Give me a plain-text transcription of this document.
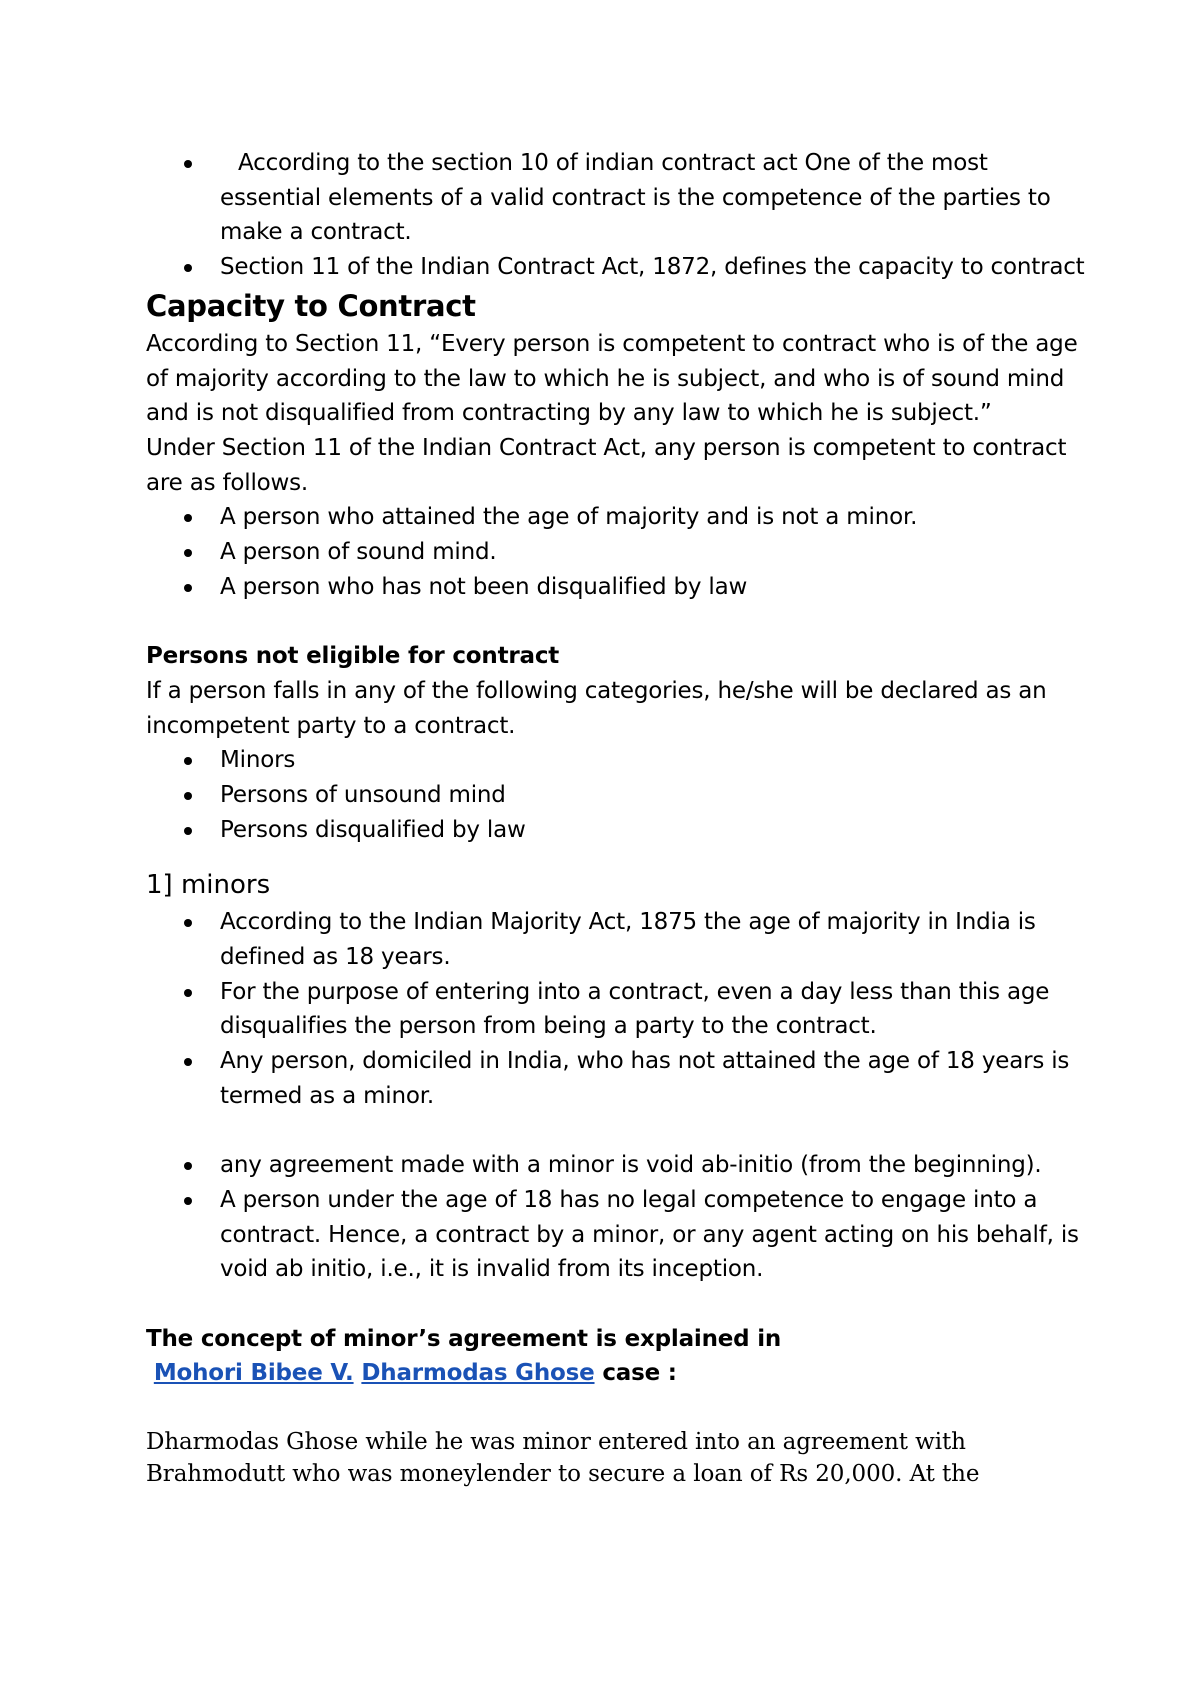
According to the section 10 of indian contract act One of the most essential elements of a valid contract is the competence of the parties to make a contract.
Section 11 of the Indian Contract Act, 1872, defines the capacity to contract
Capacity to Contract

According to Section 11, “Every person is competent to contract who is of the age of majority according to the law to which he is subject, and who is of sound mind and is not disqualified from contracting by any law to which he is subject.”

Under Section 11 of the Indian Contract Act, any person is competent to contract are as follows.

A person who attained the age of majority and is not a minor.
A person of sound mind.
A person who has not been disqualified by law
Persons not eligible for contract

If a person falls in any of the following categories, he/she will be declared as an incompetent party to a contract.

Minors
Persons of unsound mind
Persons disqualified by law
1] minors
According to the Indian Majority Act, 1875 the age of majority in India is defined as 18 years.
For the purpose of entering into a contract, even a day less than this age disqualifies the person from being a party to the contract.
Any person, domiciled in India, who has not attained the age of 18 years is termed as a minor.
any agreement made with a minor is void ab-initio (from the beginning).
A person under the age of 18 has no legal competence to engage into a contract. Hence, a contract by a minor, or any agent acting on his behalf, is void ab initio, i.e., it is invalid from its inception.
The concept of minor’s agreement is explained in

Mohori Bibee V. Dharmodas Ghose case :

Dharmodas Ghose while he was minor entered into an agreement with Brahmodutt who was moneylender to secure a loan of Rs 20,000. At the
